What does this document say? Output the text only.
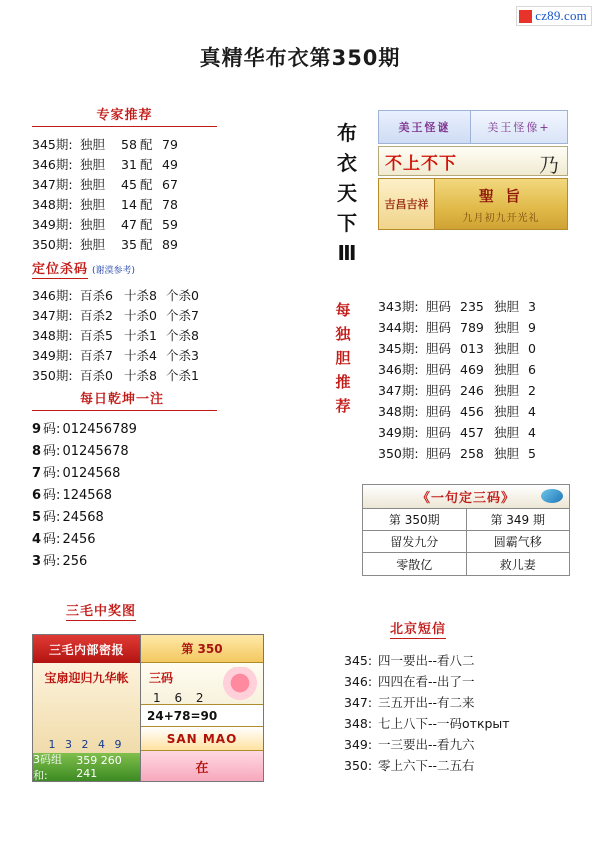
cz89.com
真精华布衣第350期
专家推荐
345期: 独胆 58 配 79
346期: 独胆 31 配 49
347期: 独胆 45 配 67
348期: 独胆 14 配 78
349期: 独胆 47 配 59
350期: 独胆 35 配 89
定位杀码 (谢漠参考)
346期: 百杀6 十杀8 个杀0
347期: 百杀2 十杀0 个杀7
348期: 百杀5 十杀1 个杀8
349期: 百杀7 十杀4 个杀3
350期: 百杀0 十杀8 个杀1
每日乾坤一注
9 码: 012456789
8 码: 01245678
7 码: 0124568
6 码: 124568
5 码: 24568
4 码: 2456
3 码: 256
三毛中奖图
三毛内部密报
宝扇迎归九华帐
1 3 2 4 9
3码组和:

359 260 241
第 350
三码
1 6 2
24+78=90
SAN MAO
在
布衣天下Ⅲ
美王怪谜	美王怪像+
不上不下	乃
吉昌吉祥	聖 旨
九月初九开光礼
每独胆推荐
343期: 胆码 235 独胆 3
344期: 胆码 789 独胆 9
345期: 胆码 013 独胆 0
346期: 胆码 469 独胆 6
347期: 胆码 246 独胆 2
348期: 胆码 456 独胆 4
349期: 胆码 457 独胆 4
350期: 胆码 258 独胆 5
《一句定三码》
第 350期	第 349 期
留发九分	圆霸气移
零散亿	救儿妻
北京短信
345: 四一要出--看八二
346: 四四在看--出了一
347: 三五开出--有二来
348: 七上八下--一码открыт
349: 一三要出--看九六
350: 零上六下--二五右
